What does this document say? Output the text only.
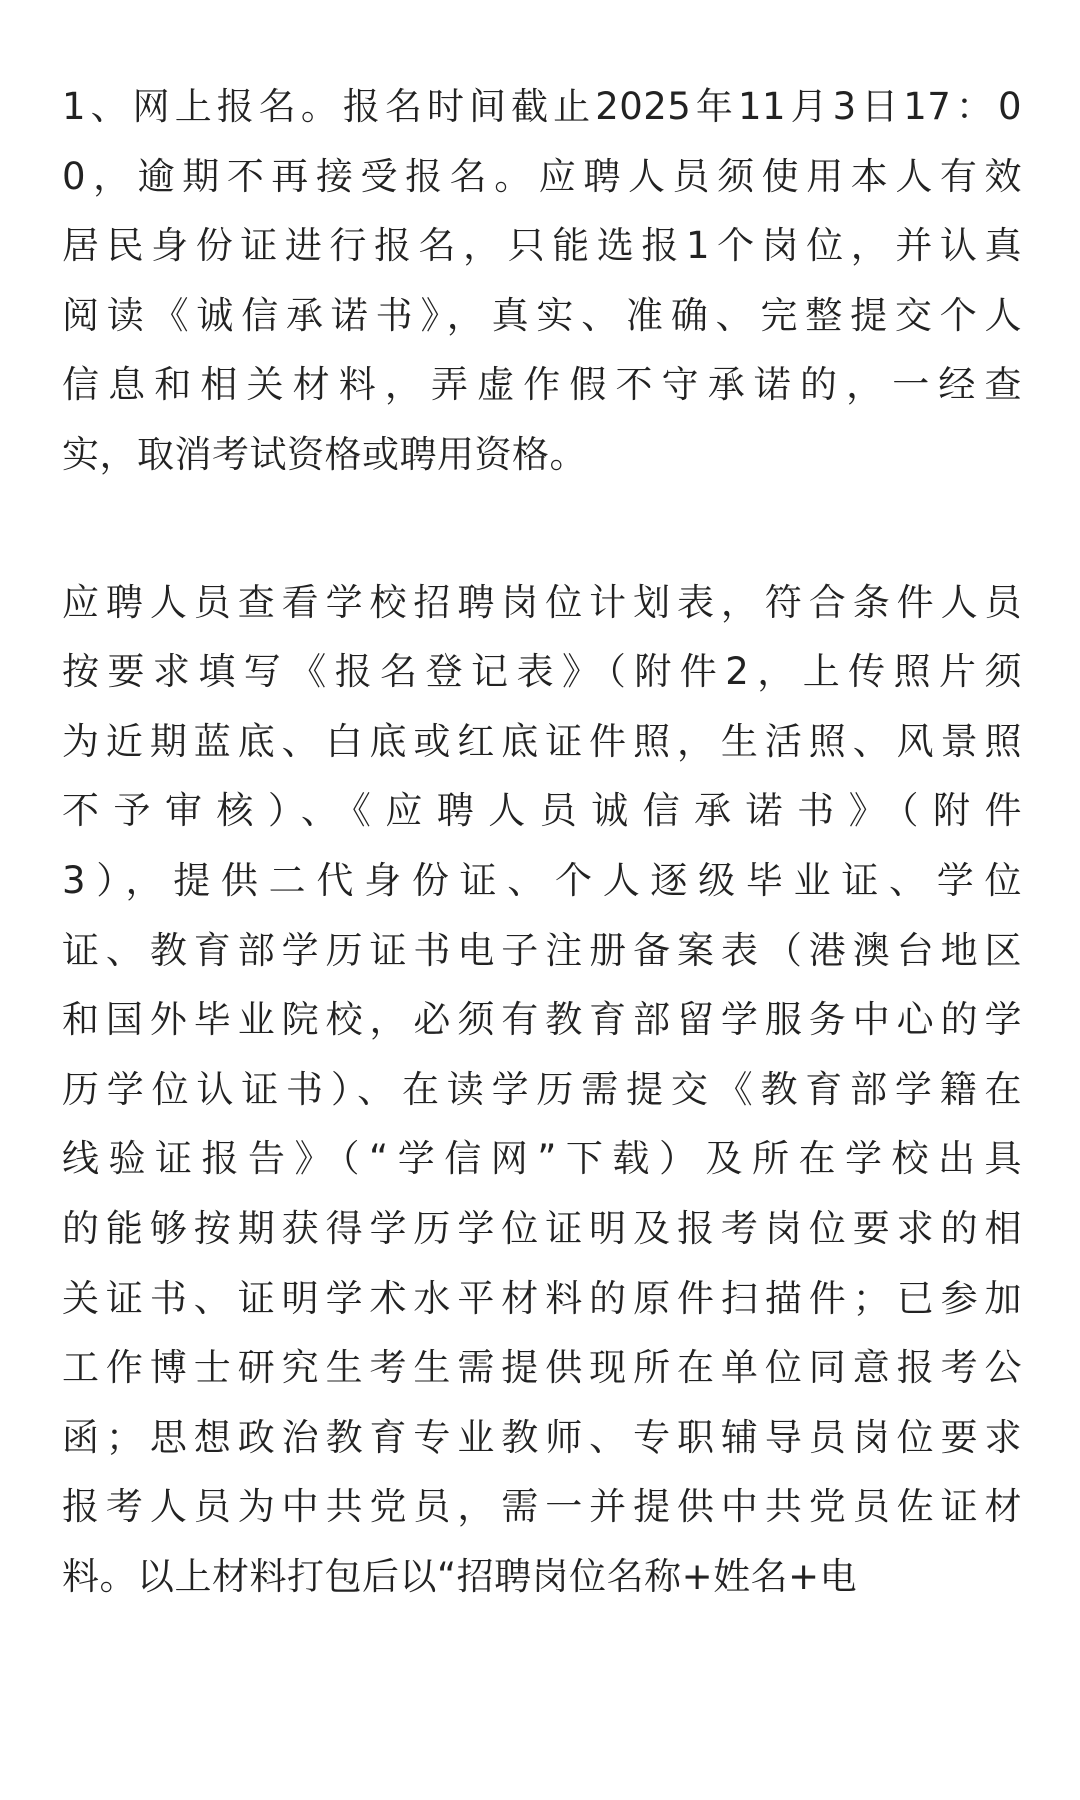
1、网上报名。报名时间截止2025年11月3日17：0
0，逾期不再接受报名。应聘人员须使用本人有效
居民身份证进行报名，只能选报1个岗位，并认真
阅读《诚信承诺书》，真实、准确、完整提交个人
信息和相关材料，弄虚作假不守承诺的，一经查
实，取消考试资格或聘用资格。
应聘人员查看学校招聘岗位计划表，符合条件人员
按要求填写《报名登记表》（附件2，上传照片须
为近期蓝底、白底或红底证件照，生活照、风景照
不予审核）、《应聘人员诚信承诺书》（附件
3），提供二代身份证、个人逐级毕业证、学位
证、教育部学历证书电子注册备案表（港澳台地区
和国外毕业院校，必须有教育部留学服务中心的学
历学位认证书）、在读学历需提交《教育部学籍在
线验证报告》（“学信网”下载）及所在学校出具
的能够按期获得学历学位证明及报考岗位要求的相
关证书、证明学术水平材料的原件扫描件；已参加
工作博士研究生考生需提供现所在单位同意报考公
函；思想政治教育专业教师、专职辅导员岗位要求
报考人员为中共党员，需一并提供中共党员佐证材
料。以上材料打包后以“招聘岗位名称+姓名+电
